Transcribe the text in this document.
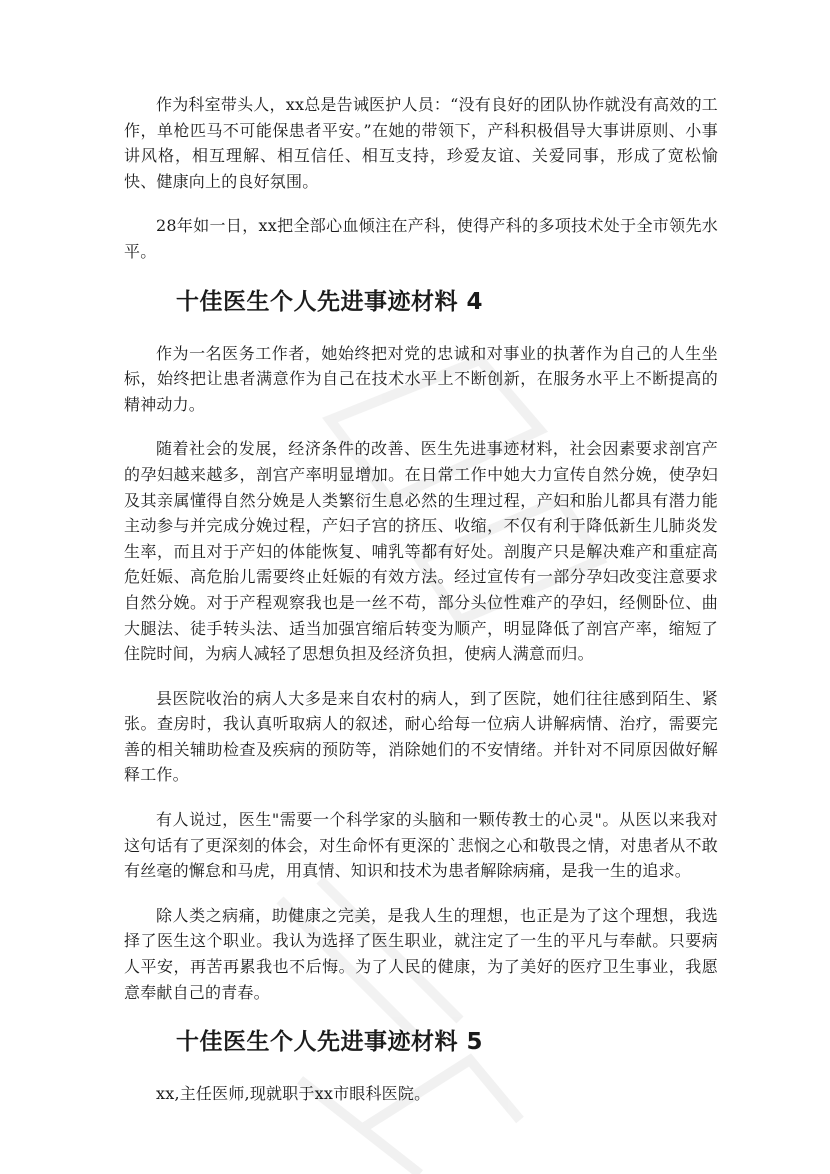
作为科室带头人，xx总是告诫医护人员：“没有良好的团队协作就没有高效的工作，单枪匹马不可能保患者平安。”在她的带领下，产科积极倡导大事讲原则、小事讲风格，相互理解、相互信任、相互支持，珍爱友谊、关爱同事，形成了宽松愉快、健康向上的良好氛围。

28年如一日，xx把全部心血倾注在产科，使得产科的多项技术处于全市领先水平。

十佳医生个人先进事迹材料 4

作为一名医务工作者，她始终把对党的忠诚和对事业的执著作为自己的人生坐标，始终把让患者满意作为自己在技术水平上不断创新，在服务水平上不断提高的精神动力。

随着社会的发展，经济条件的改善、医生先进事迹材料，社会因素要求剖宫产的孕妇越来越多，剖宫产率明显增加。在日常工作中她大力宣传自然分娩，使孕妇及其亲属懂得自然分娩是人类繁衍生息必然的生理过程，产妇和胎儿都具有潜力能主动参与并完成分娩过程，产妇子宫的挤压、收缩，不仅有利于降低新生儿肺炎发生率，而且对于产妇的体能恢复、哺乳等都有好处。剖腹产只是解决难产和重症高危妊娠、高危胎儿需要终止妊娠的有效方法。经过宣传有一部分孕妇改变注意要求自然分娩。对于产程观察我也是一丝不苟，部分头位性难产的孕妇，经侧卧位、曲大腿法、徒手转头法、适当加强宫缩后转变为顺产，明显降低了剖宫产率，缩短了住院时间，为病人减轻了思想负担及经济负担，使病人满意而归。

县医院收治的病人大多是来自农村的病人，到了医院，她们往往感到陌生、紧张。查房时，我认真听取病人的叙述，耐心给每一位病人讲解病情、治疗，需要完善的相关辅助检查及疾病的预防等，消除她们的不安情绪。并针对不同原因做好解释工作。

有人说过，医生"需要一个科学家的头脑和一颗传教士的心灵"。从医以来我对这句话有了更深刻的体会，对生命怀有更深的`悲悯之心和敬畏之情，对患者从不敢有丝毫的懈怠和马虎，用真情、知识和技术为患者解除病痛，是我一生的追求。

除人类之病痛，助健康之完美，是我人生的理想，也正是为了这个理想，我选择了医生这个职业。我认为选择了医生职业，就注定了一生的平凡与奉献。只要病人平安，再苦再累我也不后悔。为了人民的健康，为了美好的医疗卫生事业，我愿意奉献自己的青春。

十佳医生个人先进事迹材料 5

xx,主任医师,现就职于xx市眼科医院。
